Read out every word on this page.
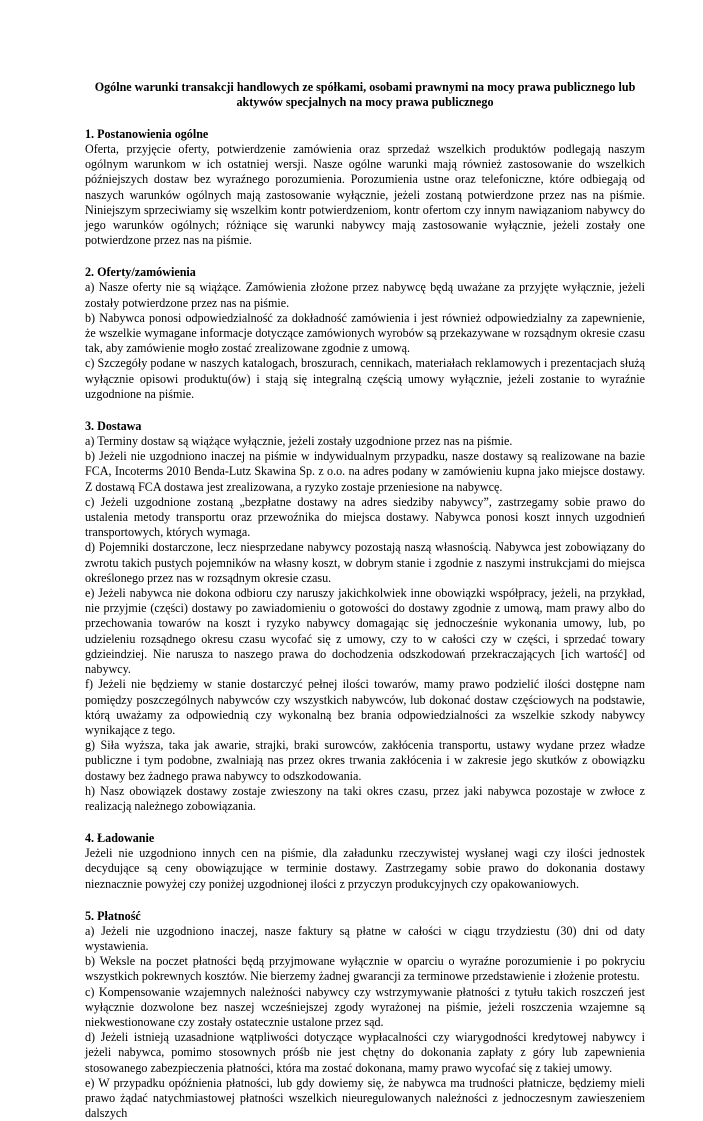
Ogólne warunki transakcji handlowych ze spółkami, osobami prawnymi na mocy prawa publicznego lub aktywów specjalnych na mocy prawa publicznego
1. Postanowienia ogólne

Oferta, przyjęcie oferty, potwierdzenie zamówienia oraz sprzedaż wszelkich produktów podlegają naszym ogólnym warunkom w ich ostatniej wersji. Nasze ogólne warunki mają również zastosowanie do wszelkich późniejszych dostaw bez wyraźnego porozumienia. Porozumienia ustne oraz telefoniczne, które odbiegają od naszych warunków ogólnych mają zastosowanie wyłącznie, jeżeli zostaną potwierdzone przez nas na piśmie. Niniejszym sprzeciwiamy się wszelkim kontr potwierdzeniom, kontr ofertom czy innym nawiązaniom nabywcy do jego warunków ogólnych; różniące się warunki nabywcy mają zastosowanie wyłącznie, jeżeli zostały one potwierdzone przez nas na piśmie.

2. Oferty/zamówienia

a) Nasze oferty nie są wiążące. Zamówienia złożone przez nabywcę będą uważane za przyjęte wyłącznie, jeżeli zostały potwierdzone przez nas na piśmie.

b) Nabywca ponosi odpowiedzialność za dokładność zamówienia i jest również odpowiedzialny za zapewnienie, że wszelkie wymagane informacje dotyczące zamówionych wyrobów są przekazywane w rozsądnym okresie czasu tak, aby zamówienie mogło zostać zrealizowane zgodnie z umową.

c) Szczegóły podane w naszych katalogach, broszurach, cennikach, materiałach reklamowych i prezentacjach służą wyłącznie opisowi produktu(ów) i stają się integralną częścią umowy wyłącznie, jeżeli zostanie to wyraźnie uzgodnione na piśmie.

3. Dostawa

a) Terminy dostaw są wiążące wyłącznie, jeżeli zostały uzgodnione przez nas na piśmie.

b) Jeżeli nie uzgodniono inaczej na piśmie w indywidualnym przypadku, nasze dostawy są realizowane na bazie FCA, Incoterms 2010 Benda-Lutz Skawina Sp. z o.o. na adres podany w zamówieniu kupna jako miejsce dostawy. Z dostawą FCA dostawa jest zrealizowana, a ryzyko zostaje przeniesione na nabywcę.

c) Jeżeli uzgodnione zostaną „bezpłatne dostawy na adres siedziby nabywcy”, zastrzegamy sobie prawo do ustalenia metody transportu oraz przewoźnika do miejsca dostawy. Nabywca ponosi koszt innych uzgodnień transportowych, których wymaga.

d) Pojemniki dostarczone, lecz niesprzedane nabywcy pozostają naszą własnością. Nabywca jest zobowiązany do zwrotu takich pustych pojemników na własny koszt, w dobrym stanie i zgodnie z naszymi instrukcjami do miejsca określonego przez nas w rozsądnym okresie czasu.

e) Jeżeli nabywca nie dokona odbioru czy naruszy jakichkolwiek inne obowiązki współpracy, jeżeli, na przykład, nie przyjmie (części) dostawy po zawiadomieniu o gotowości do dostawy zgodnie z umową, mam prawy albo do przechowania towarów na koszt i ryzyko nabywcy domagając się jednocześnie wykonania umowy, lub, po udzieleniu rozsądnego okresu czasu wycofać się z umowy, czy to w całości czy w części, i sprzedać towary gdzieindziej. Nie narusza to naszego prawa do dochodzenia odszkodowań przekraczających [ich wartość] od nabywcy.

f) Jeżeli nie będziemy w stanie dostarczyć pełnej ilości towarów, mamy prawo podzielić ilości dostępne nam pomiędzy poszczególnych nabywców czy wszystkich nabywców, lub dokonać dostaw częściowych na podstawie, którą uważamy za odpowiednią czy wykonalną bez brania odpowiedzialności za wszelkie szkody nabywcy wynikające z tego.

g) Siła wyższa, taka jak awarie, strajki, braki surowców, zakłócenia transportu, ustawy wydane przez władze publiczne i tym podobne, zwalniają nas przez okres trwania zakłócenia i w zakresie jego skutków z obowiązku dostawy bez żadnego prawa nabywcy to odszkodowania.

h) Nasz obowiązek dostawy zostaje zwieszony na taki okres czasu, przez jaki nabywca pozostaje w zwłoce z realizacją należnego zobowiązania.

4. Ładowanie

Jeżeli nie uzgodniono innych cen na piśmie, dla załadunku rzeczywistej wysłanej wagi czy ilości jednostek decydujące są ceny obowiązujące w terminie dostawy. Zastrzegamy sobie prawo do dokonania dostawy nieznacznie powyżej czy poniżej uzgodnionej ilości z przyczyn produkcyjnych czy opakowaniowych.

5. Płatność

a) Jeżeli nie uzgodniono inaczej, nasze faktury są płatne w całości w ciągu trzydziestu (30) dni od daty wystawienia.

b) Weksle na poczet płatności będą przyjmowane wyłącznie w oparciu o wyraźne porozumienie i po pokryciu wszystkich pokrewnych kosztów. Nie bierzemy żadnej gwarancji za terminowe przedstawienie i złożenie protestu.

c) Kompensowanie wzajemnych należności nabywcy czy wstrzymywanie płatności z tytułu takich roszczeń jest wyłącznie dozwolone bez naszej wcześniejszej zgody wyrażonej na piśmie, jeżeli roszczenia wzajemne są niekwestionowane czy zostały ostatecznie ustalone przez sąd.

d) Jeżeli istnieją uzasadnione wątpliwości dotyczące wypłacalności czy wiarygodności kredytowej nabywcy i jeżeli nabywca, pomimo stosownych próśb nie jest chętny do dokonania zapłaty z góry lub zapewnienia stosowanego zabezpieczenia płatności, która ma zostać dokonana, mamy prawo wycofać się z takiej umowy.

e) W przypadku opóźnienia płatności, lub gdy dowiemy się, że nabywca ma trudności płatnicze, będziemy mieli prawo żądać natychmiastowej płatności wszelkich nieuregulowanych należności z jednoczesnym zawieszeniem dalszych
